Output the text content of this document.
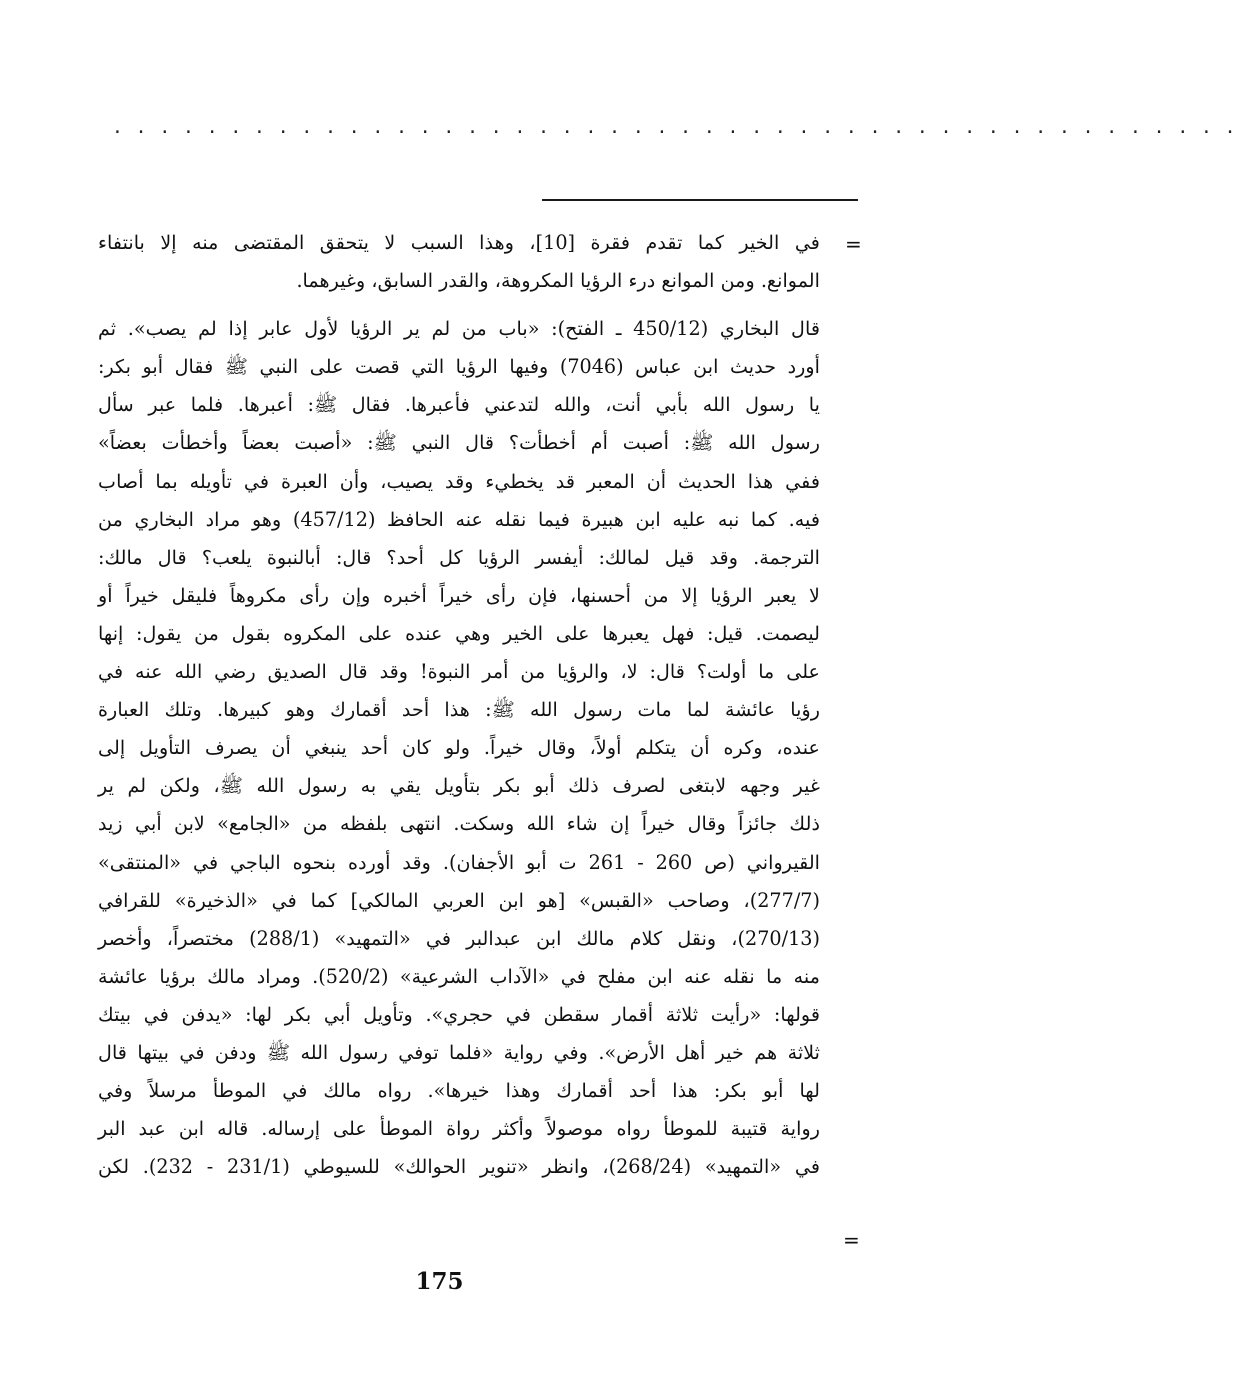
. . . . . . . . . . . . . . . . . . . . . . . . . . . . . . . . . . . . . . . . . . . . . . . .
=
في الخير كما تقدم فقرة [10]، وهذا السبب لا يتحقق المقتضى منه إلا بانتفاء
الموانع. ومن الموانع درء الرؤيا المكروهة، والقدر السابق، وغيرهما.
قال البخاري (450/12 ـ الفتح): «باب من لم ير الرؤيا لأول عابر إذا لم يصب». ثم
أورد حديث ابن عباس (7046) وفيها الرؤيا التي قصت على النبي ﷺ فقال أبو بكر:
يا رسول الله بأبي أنت، والله لتدعني فأعبرها. فقال ﷺ: أعبرها. فلما عبر سأل
رسول الله ﷺ: أصبت أم أخطأت؟ قال النبي ﷺ: «أصبت بعضاً وأخطأت بعضاً»
ففي هذا الحديث أن المعبر قد يخطيء وقد يصيب، وأن العبرة في تأويله بما أصاب
فيه. كما نبه عليه ابن هبيرة فيما نقله عنه الحافظ (457/12) وهو مراد البخاري من
الترجمة. وقد قيل لمالك: أيفسر الرؤيا كل أحد؟ قال: أبالنبوة يلعب؟ قال مالك:
لا يعبر الرؤيا إلا من أحسنها، فإن رأى خيراً أخبره وإن رأى مكروهاً فليقل خيراً أو
ليصمت. قيل: فهل يعبرها على الخير وهي عنده على المكروه بقول من يقول: إنها
على ما أولت؟ قال: لا، والرؤيا من أمر النبوة! وقد قال الصديق رضي الله عنه في
رؤيا عائشة لما مات رسول الله ﷺ: هذا أحد أقمارك وهو كبيرها. وتلك العبارة
عنده، وكره أن يتكلم أولاً، وقال خيراً. ولو كان أحد ينبغي أن يصرف التأويل إلى
غير وجهه لابتغى لصرف ذلك أبو بكر بتأويل يقي به رسول الله ﷺ، ولكن لم ير
ذلك جائزاً وقال خيراً إن شاء الله وسكت. انتهى بلفظه من «الجامع» لابن أبي زيد
القيرواني (ص 260 - 261 ت أبو الأجفان). وقد أورده بنحوه الباجي في «المنتقى»
(277/7)، وصاحب «القبس» [هو ابن العربي المالكي] كما في «الذخيرة» للقرافي
(270/13)، ونقل كلام مالك ابن عبدالبر في «التمهيد» (288/1) مختصراً، وأخصر
منه ما نقله عنه ابن مفلح في «الآداب الشرعية» (520/2). ومراد مالك برؤيا عائشة
قولها: «رأيت ثلاثة أقمار سقطن في حجري». وتأويل أبي بكر لها: «يدفن في بيتك
ثلاثة هم خير أهل الأرض». وفي رواية «فلما توفي رسول الله ﷺ ودفن في بيتها قال
لها أبو بكر: هذا أحد أقمارك وهذا خيرها». رواه مالك في الموطأ مرسلاً وفي
رواية قتيبة للموطأ رواه موصولاً وأكثر رواة الموطأ على إرساله. قاله ابن عبد البر
في «التمهيد» (268/24)، وانظر «تنوير الحوالك» للسيوطي (231/1 - 232). لكن
=
175
